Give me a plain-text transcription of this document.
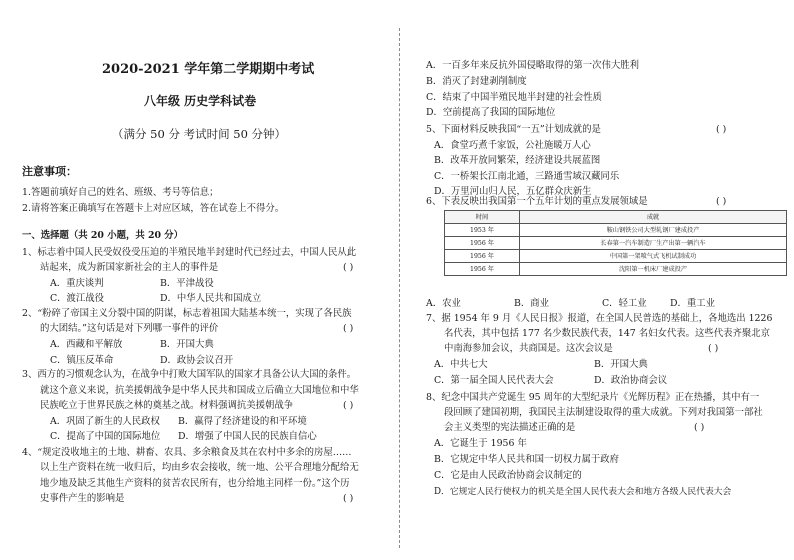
2020-2021 学年第二学期期中考试
八年级 历史学科试卷
（满分 50 分 考试时间 50 分钟）
注意事项：
1.答题前填好自己的姓名、班级、考号等信息；
2.请将答案正确填写在答题卡上对应区域，答在试卷上不得分。
一、选择题（共 20 小题，共 20 分）
1、标志着中国人民受奴役受压迫的半殖民地半封建时代已经过去，中国人民从此
站起来，成为新国家新社会的主人的事件是	( )
A．重庆谈判	B．平津战役
C．渡江战役	D．中华人民共和国成立
2、“粉碎了帝国主义分裂中国的阴谋，标志着祖国大陆基本统一，实现了各民族
的大团结。”这句话是对下列哪一事件的评价	( )
A．西藏和平解放	B．开国大典
C．镇压反革命	D．政协会议召开
3、西方的习惯观念认为，在战争中打败大国军队的国家才具备公认大国的条件。
就这个意义来说，抗美援朝战争是中华人民共和国成立后确立大国地位和中华
民族屹立于世界民族之林的奠基之战。材料强调抗美援朝战争	( )
A．巩固了新生的人民政权 B．赢得了经济建设的和平环境
C．提高了中国的国际地位 D．增强了中国人民的民族自信心
4、“规定没收地主的土地、耕畜、农具、多余粮食及其在农村中多余的房屋……
以上生产资料在统一收归后，均由乡农会接收，统一地、公平合理地分配给无
地少地及缺乏其他生产资料的贫苦农民所有，也分给地主同样一份。”这个历
史事件产生的影响是	( )
A．一百多年来反抗外国侵略取得的第一次伟大胜利
B．消灭了封建剥削制度
C．结束了中国半殖民地半封建的社会性质
D．空前提高了我国的国际地位
5、下面材料反映我国“一五”计划成就的是	( )
A．食堂巧煮千家饭，公社施暖万人心
B．改革开放同繁荣，经济建设共展蓝图
C．一桥架长江南北通，三路通雪域汉藏同乐
D．万里河山归人民，五亿群众庆新生
6、下表反映出我国第一个五年计划的重点发展领域是	( )
时间	成就
1953 年	鞍山钢铁公司大型轧钢厂建成投产
1956 年	长春第一汽车制造厂生产出第一辆汽车
1956 年	中国第一架喷气式飞机试制成功
1956 年	沈阳第一机床厂建成投产
A．农业	B．商业	C．轻工业 D．重工业
7、据 1954 年 9 月《人民日报》报道，在全国人民普选的基础上，各地选出 1226
名代表，其中包括 177 名少数民族代表，147 名妇女代表。这些代表齐聚北京
中南海参加会议，共商国是。这次会议是	( )
A．中共七大	B．开国大典
C．第一届全国人民代表大会	D．政治协商会议
8、纪念中国共产党诞生 95 周年的大型纪录片《光辉历程》正在热播，其中有一
段回顾了建国初期，我国民主法制建设取得的重大成就。下列对我国第一部社
会主义类型的宪法描述正确的是	( )
A．它诞生于 1956 年
B．它规定中华人民共和国一切权力属于政府
C．它是由人民政治协商会议制定的
D．它规定人民行使权力的机关是全国人民代表大会和地方各级人民代表大会
